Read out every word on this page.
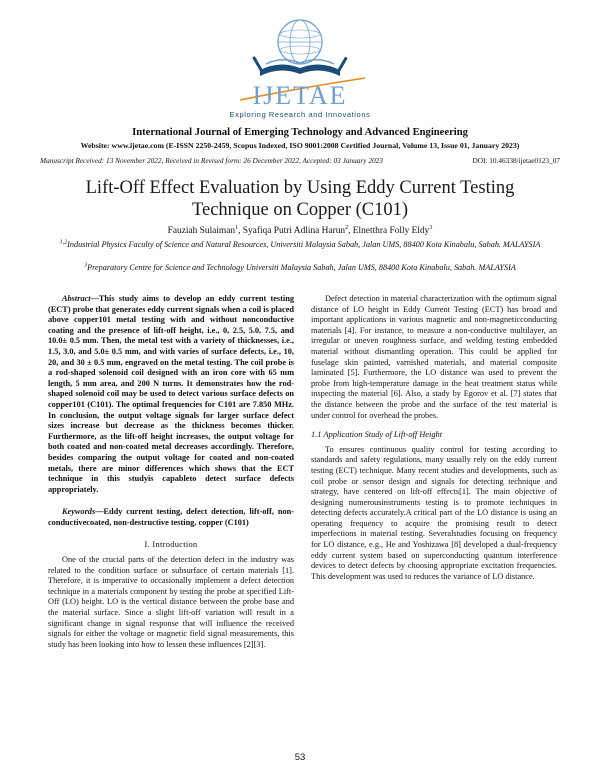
IJETAE
Exploring Research and Innovations
International Journal of Emerging Technology and Advanced Engineering
Website: www.ijetae.com (E-ISSN 2250-2459, Scopus Indexed, ISO 9001:2008 Certified Journal, Volume 13, Issue 01, January 2023)
Manuscript Received: 13 November 2022, Received in Revised form: 26 December 2022, Accepted: 03 January 2023	DOI: 10.46338/ijetae0123_07
Lift-Off Effect Evaluation by Using Eddy Current Testing
Technique on Copper (C101)
Fauziah Sulaiman$^1$, Syafiqa Putri Adlina Harun$^2$, Elnetthra Folly Eldy$^3$
$^{1,2}$Industrial Physics Faculty of Science and Natural Resources, Universiti Malaysia Sabah, Jalan UMS, 88400 Kota Kinabalu, Sabah. MALAYSIA
$^3$Preparatory Centre for Science and Technology Universiti Malaysia Sabah, Jalan UMS, 88400 Kota Kinabalu, Sabah. MALAYSIA

Abstract—This study aims to develop an eddy current testing (ECT) probe that generates eddy current signals when a coil is placed above copper101 metal testing with and without nonconductive coating and the presence of lift-off height, i.e., 0, 2.5, 5.0, 7.5, and 10.0± 0.5 mm. Then, the metal test with a variety of thicknesses, i.e., 1.5, 3.0, and 5.0± 0.5 mm, and with varies of surface defects, i.e., 10, 20, and 30 ± 0.5 mm, engraved on the metal testing. The coil probe is a rod-shaped solenoid coil designed with an iron core with 65 mm length, 5 mm area, and 200 N turns. It demonstrates how the rod-shaped solenoid coil may be used to detect various surface defects on copper101 (C101). The optimal frequencies for C101 are 7.850 MHz. In conclusion, the output voltage signals for larger surface defect sizes increase but decrease as the thickness becomes thicker. Furthermore, as the lift-off height increases, the output voltage for both coated and non-coated metal decreases accordingly. Therefore, besides comparing the output voltage for coated and non-coated metals, there are minor differences which shows that the ECT technique in this studyis capableto detect surface defects appropriately.

Keywords—Eddy current testing, defect detection, lift-off, non-conductivecoated, non-destructive testing, copper (C101)

I. Introduction

One of the crucial parts of the detection defect in the industry was related to the condition surface or subsurface of certain materials [1]. Therefore, it is imperative to occasionally implement a defect detection technique in a materials component by testing the probe at specified Lift-Off (LO) height. LO is the vertical distance between the probe base and the material surface. Since a slight lift-off variation will result in a significant change in signal response that will influence the received signals for either the voltage or magnetic field signal measurements, this study has been looking into how to lessen these influences [2][3].

Defect detection in material characterization with the optimum signal distance of LO height in Eddy Current Testing (ECT) has broad and important applications in various magnetic and non-magneticconducting materials [4]. For instance, to measure a non-conductive multilayer, an irregular or uneven roughness surface, and welding testing embedded material without dismantling operation. This could be applied for fuselage skin painted, varnished materials, and material composite laminated [5]. Furthermore, the LO distance was used to prevent the probe from high-temperature damage in the heat treatment status while inspecting the material [6]. Also, a stady by Egorov et al. [7] states that the distance between the probe and the surface of the test material is under control for overhead the probes.

1.1 Application Study of Lift-off Height

To ensures continuous quality control for testing according to standards and safety regulations, many usually rely on the eddy current testing (ECT) technique. Many recent studies and developments, such as coil probe or sensor design and signals for detecting technique and strategy, have centered on lift-off effects[1]. The main objective of designing numerousinstruments testing is to promote techniques in detecting defects accurately.A critical part of the LO distance is using an operating frequency to acquire the promising result to detect imperfections in material testing. Severalstudies focusing on frequency for LO distance, e.g., He and Yoshizawa [8] developed a dual-frequency eddy current system based on superconducting quantum interference devices to detect defects by choosing appropriate excitation frequencies. This development was used to reduces the variance of LO distance.

53
